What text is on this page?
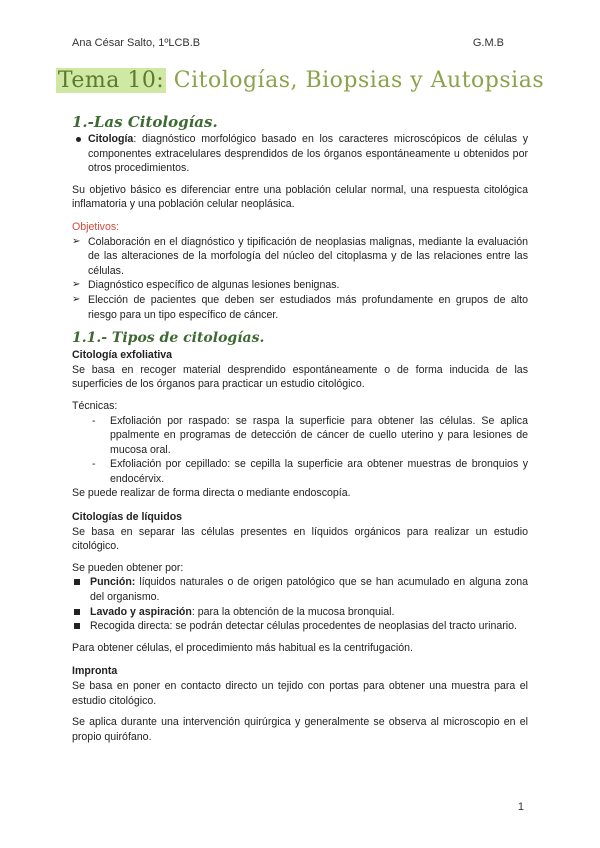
Ana César Salto, 1ºLCB.B	G.M.B
Tema 10: Citologías, Biopsias y Autopsias
1.-Las Citologías.
Citología: diagnóstico morfológico basado en los caracteres microscópicos de células y componentes extracelulares desprendidos de los órganos espontáneamente u obtenidos por otros procedimientos.

Su objetivo básico es diferenciar entre una población celular normal, una respuesta citológica inflamatoria y una población celular neoplásica.

Objetivos:
➢ Colaboración en el diagnóstico y tipificación de neoplasias malignas, mediante la evaluación de las alteraciones de la morfología del núcleo del citoplasma y de las relaciones entre las células.
➢ Diagnóstico específico de algunas lesiones benignas.
➢ Elección de pacientes que deben ser estudiados más profundamente en grupos de alto riesgo para un tipo específico de cáncer.
1.1.- Tipos de citologías.
Citología exfoliativa

Se basa en recoger material desprendido espontáneamente o de forma inducida de las superficies de los órganos para practicar un estudio citológico.

Técnicas:

- Exfoliación por raspado: se raspa la superficie para obtener las células. Se aplica ppalmente en programas de detección de cáncer de cuello uterino y para lesiones de mucosa oral.
- Exfoliación por cepillado: se cepilla la superficie ara obtener muestras de bronquios y endocérvix.

Se puede realizar de forma directa o mediante endoscopía.

Citologías de líquidos

Se basa en separar las células presentes en líquidos orgánicos para realizar un estudio citológico.

Se pueden obtener por:

Punción: líquidos naturales o de origen patológico que se han acumulado en alguna zona del organismo.
Lavado y aspiración: para la obtención de la mucosa bronquial.
Recogida directa: se podrán detectar células procedentes de neoplasias del tracto urinario.

Para obtener células, el procedimiento más habitual es la centrifugación.

Impronta

Se basa en poner en contacto directo un tejido con portas para obtener una muestra para el estudio citológico.

Se aplica durante una intervención quirúrgica y generalmente se observa al microscopio en el propio quirófano.

1
